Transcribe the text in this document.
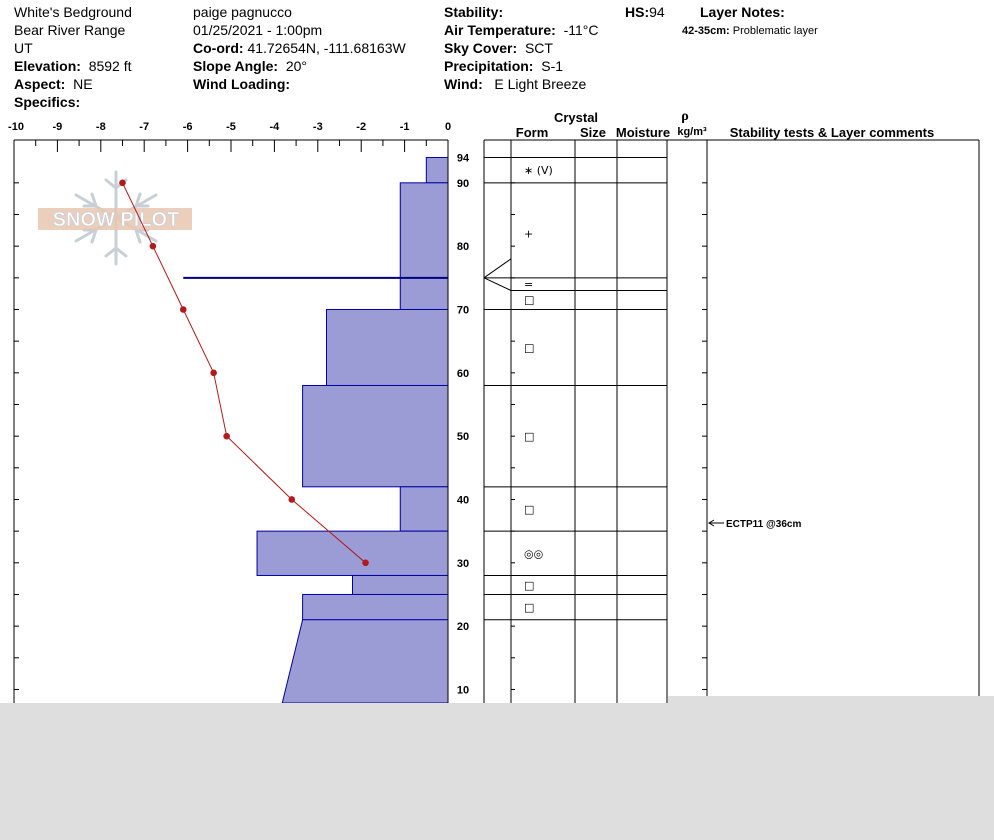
White's Bedground
Bear River Range
UT
Elevation: 8592 ft
Aspect: NE
Specifics:
paige pagnucco
01/25/2021 - 1:00pm
Co-ord: 41.72654N, -111.68163W
Slope Angle: 20°
Wind Loading:
Stability:
Air Temperature: -11°C
Sky Cover: SCT
Precipitation: S-1
Wind: E Light Breeze
HS:94	Layer Notes:
42-35cm: Problematic layer
SNOW PILOT
-10	-9	-8	-7	-6	-5	-4	-3	-2	-1	0
94
90
80
70
60
50
40
30
20
10
∗ (V)
+
=
□
□
□
□
◎◎
□
□
Crystal
Form Size Moisture
ρ
kg/m³ Stability tests & Layer comments
ECTP11 @36cm
